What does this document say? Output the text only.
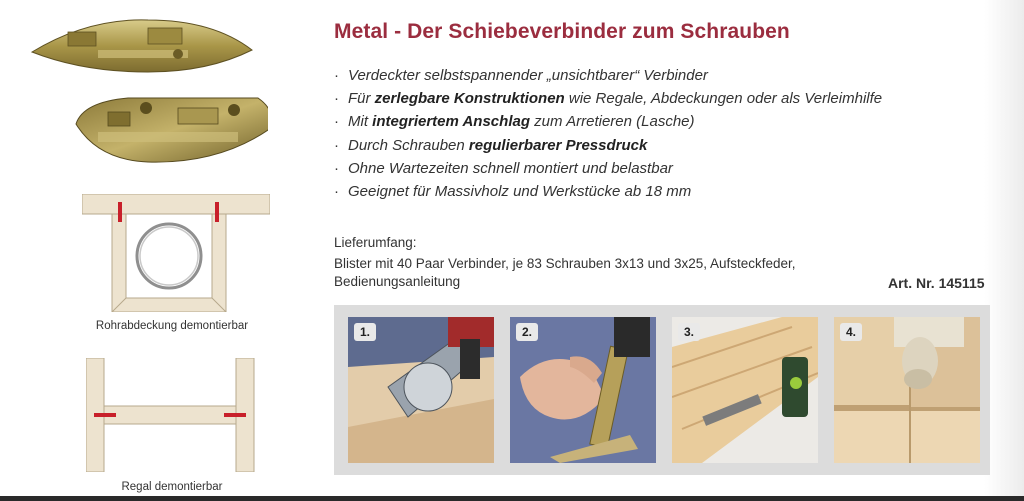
Rohrabdeckung demontierbar
Regal demontierbar
Metal - Der Schiebeverbinder zum Schrauben
· Verdeckter selbstspannender „unsichtbarer“ Verbinder
· Für zerlegbare Konstruktionen wie Regale, Abdeckungen oder als Verleimhilfe
· Mit integriertem Anschlag zum Arretieren (Lasche)
· Durch Schrauben regulierbarer Pressdruck
· Ohne Wartezeiten schnell montiert und belastbar
· Geeignet für Massivholz und Werkstücke ab 18 mm
Lieferumfang:
Blister mit 40 Paar Verbinder, je 83 Schrauben 3x13 und 3x25, Aufsteckfeder,
Bedienungsanleitung	Art. Nr. 145115
1.	2.	3.	4.
